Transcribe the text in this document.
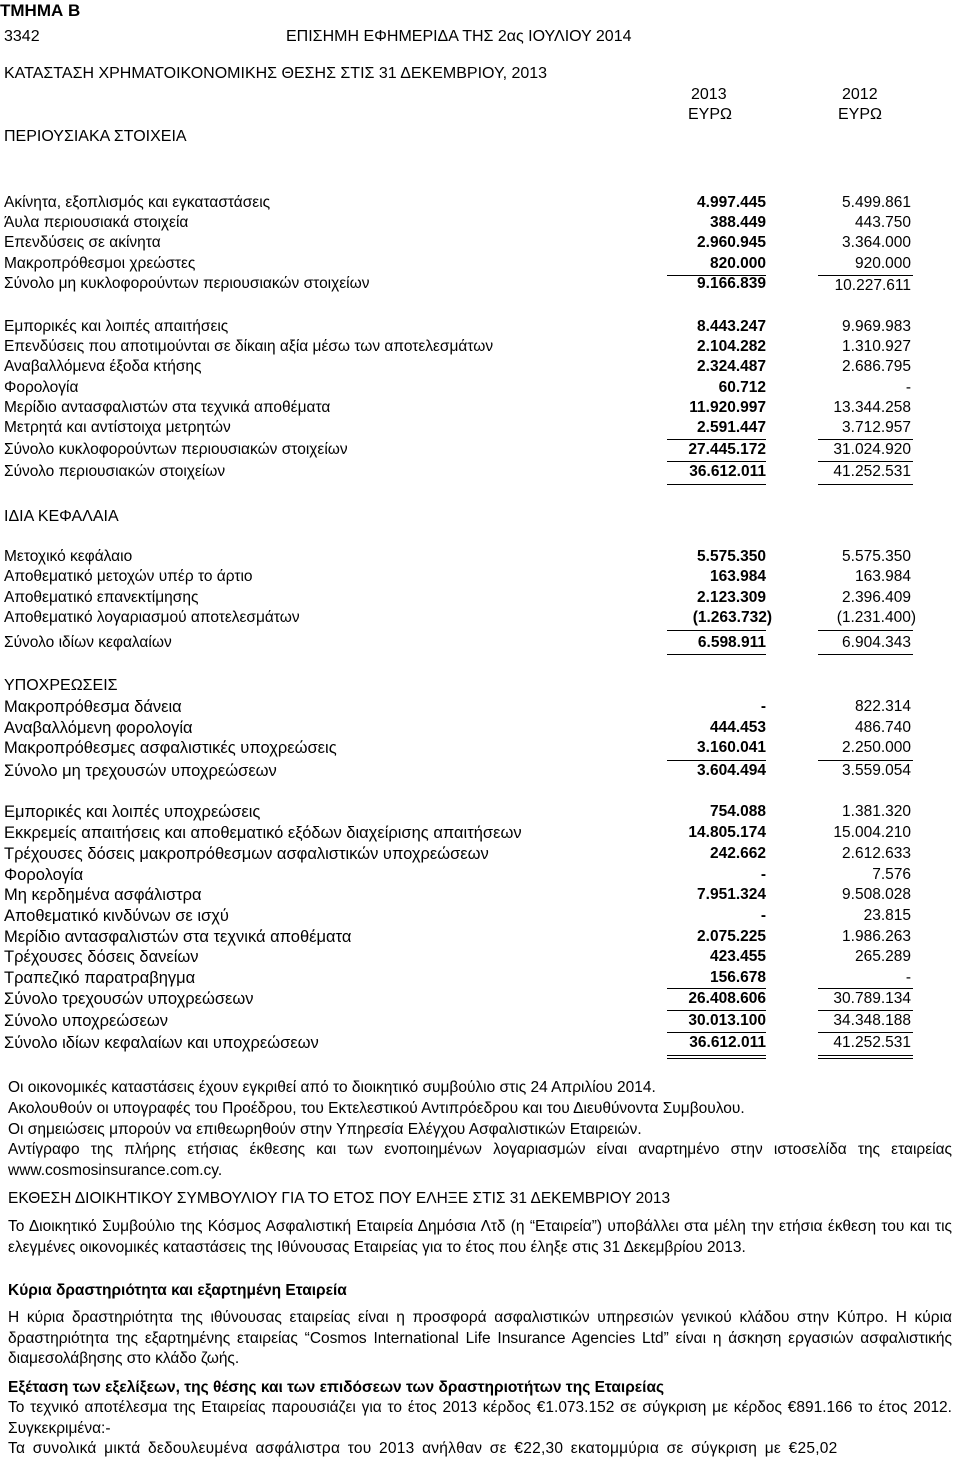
ΤΜΗΜΑ Β
3342	ΕΠΙΣΗΜΗ ΕΦΗΜΕΡΙΔΑ ΤΗΣ 2ας ΙΟΥΛΙΟΥ 2014
ΚΑΤΑΣΤΑΣΗ ΧΡΗΜΑΤΟΙΚΟΝΟΜΙΚΗΣ ΘΕΣΗΣ ΣΤΙΣ 31 ΔΕΚΕΜΒΡΙΟΥ, 2013
2013	2012
ΕΥΡΩ	ΕΥΡΩ
ΠΕΡΙΟΥΣΙΑΚΑ ΣΤΟΙΧΕΙΑ
Ακίνητα, εξοπλισμός και εγκαταστάσεις	4.997.445	5.499.861
Άυλα περιουσιακά στοιχεία	388.449	443.750
Επενδύσεις σε ακίνητα	2.960.945	3.364.000
Μακροπρόθεσμοι χρεώστες	820.000	920.000
Σύνολο μη κυκλοφορούντων περιουσιακών στοιχείων	9.166.839	10.227.611
Εμπορικές και λοιπές απαιτήσεις	8.443.247	9.969.983
Επενδύσεις που αποτιμούνται σε δίκαιη αξία μέσω των αποτελεσμάτων	2.104.282	1.310.927
Αναβαλλόμενα έξοδα κτήσης	2.324.487	2.686.795
Φορολογία	60.712	-
Μερίδιο αντασφαλιστών στα τεχνικά αποθέματα	11.920.997	13.344.258
Μετρητά και αντίστοιχα μετρητών	2.591.447	3.712.957
Σύνολο κυκλοφορούντων περιουσιακών στοιχείων	27.445.172	31.024.920
Σύνολο περιουσιακών στοιχείων	36.612.011	41.252.531
ΙΔΙΑ ΚΕΦΑΛΑΙΑ
Μετοχικό κεφάλαιο	5.575.350	5.575.350
Αποθεματικό μετοχών υπέρ το άρτιο	163.984	163.984
Αποθεματικό επανεκτίμησης	2.123.309	2.396.409
Αποθεματικό λογαριασμού αποτελεσμάτων	(1.263.732)	(1.231.400)
Σύνολο ιδίων κεφαλαίων	6.598.911	6.904.343
ΥΠΟΧΡΕΩΣΕΙΣ
Μακροπρόθεσμα δάνεια	-	822.314
Αναβαλλόμενη φορολογία	444.453	486.740
Μακροπρόθεσμες ασφαλιστικές υποχρεώσεις	3.160.041	2.250.000
Σύνολο μη τρεχουσών υποχρεώσεων	3.604.494	3.559.054
Εμπορικές και λοιπές υποχρεώσεις	754.088	1.381.320
Εκκρεμείς απαιτήσεις και αποθεματικό εξόδων διαχείρισης απαιτήσεων	14.805.174	15.004.210
Τρέχουσες δόσεις μακροπρόθεσμων ασφαλιστικών υποχρεώσεων	242.662	2.612.633
Φορολογία	-	7.576
Μη κερδημένα ασφάλιστρα	7.951.324	9.508.028
Αποθεματικό κινδύνων σε ισχύ	-	23.815
Μερίδιο αντασφαλιστών στα τεχνικά αποθέματα	2.075.225	1.986.263
Τρέχουσες δόσεις δανείων	423.455	265.289
Τραπεζικό παρατραβηγμα	156.678	-
Σύνολο τρεχουσών υποχρεώσεων	26.408.606	30.789.134
Σύνολο υποχρεώσεων	30.013.100	34.348.188
Σύνολο ιδίων κεφαλαίων και υποχρεώσεων	36.612.011	41.252.531
Οι οικονομικές καταστάσεις έχουν εγκριθεί από το διοικητικό συμβούλιο στις 24 Απριλίου 2014.
Ακολουθούν οι υπογραφές του Προέδρου, του Εκτελεστικού Αντιπρόεδρου και του Διευθύνοντα Συμβουλου.
Οι σημειώσεις μπορούν να επιθεωρηθούν στην Υπηρεσία Ελέγχου Ασφαλιστικών Εταιρειών.
Αντίγραφο της πλήρης ετήσιας έκθεσης και των ενοποιημένων λογαριασμών είναι αναρτημένο στην ιστοσελίδα της εταιρείας www.cosmosinsurance.com.cy.
ΕΚΘΕΣΗ ΔΙΟΙΚΗΤΙΚΟΥ ΣΥΜΒΟΥΛΙΟΥ ΓΙΑ ΤΟ ΕΤΟΣ ΠΟΥ ΕΛΗΞΕ ΣΤΙΣ 31 ΔΕΚΕΜΒΡΙΟΥ 2013
Το Διοικητικό Συμβούλιο της Κόσμος Ασφαλιστική Εταιρεία Δημόσια Λτδ (η “Εταιρεία”) υποβάλλει στα μέλη την ετήσια έκθεση του και τις ελεγμένες οικονομικές καταστάσεις της Ιθύνουσας Εταιρείας για το έτος που έληξε στις 31 Δεκεμβρίου 2013.
Κύρια δραστηριότητα και εξαρτημένη Εταιρεία
Η κύρια δραστηριότητα της ιθύνουσας εταιρείας είναι η προσφορά ασφαλιστικών υπηρεσιών γενικού κλάδου στην Κύπρο. Η κύρια δραστηριότητα της εξαρτημένης εταιρείας “Cosmos International Life Insurance Agencies Ltd” είναι η άσκηση εργασιών ασφαλιστικής διαμεσολάβησης στο κλάδο ζωής.
Εξέταση των εξελίξεων, της θέσης και των επιδόσεων των δραστηριοτήτων της Εταιρείας
Το τεχνικό αποτέλεσμα της Εταιρείας παρουσιάζει για το έτος 2013 κέρδος €1.073.152 σε σύγκριση με κέρδος €891.166 το έτος 2012. Συγκεκριμένα:-
Τα συνολικά μικτά δεδουλευμένα ασφάλιστρα του 2013 ανήλθαν σε €22,30 εκατομμύρια σε σύγκριση με €25,02
